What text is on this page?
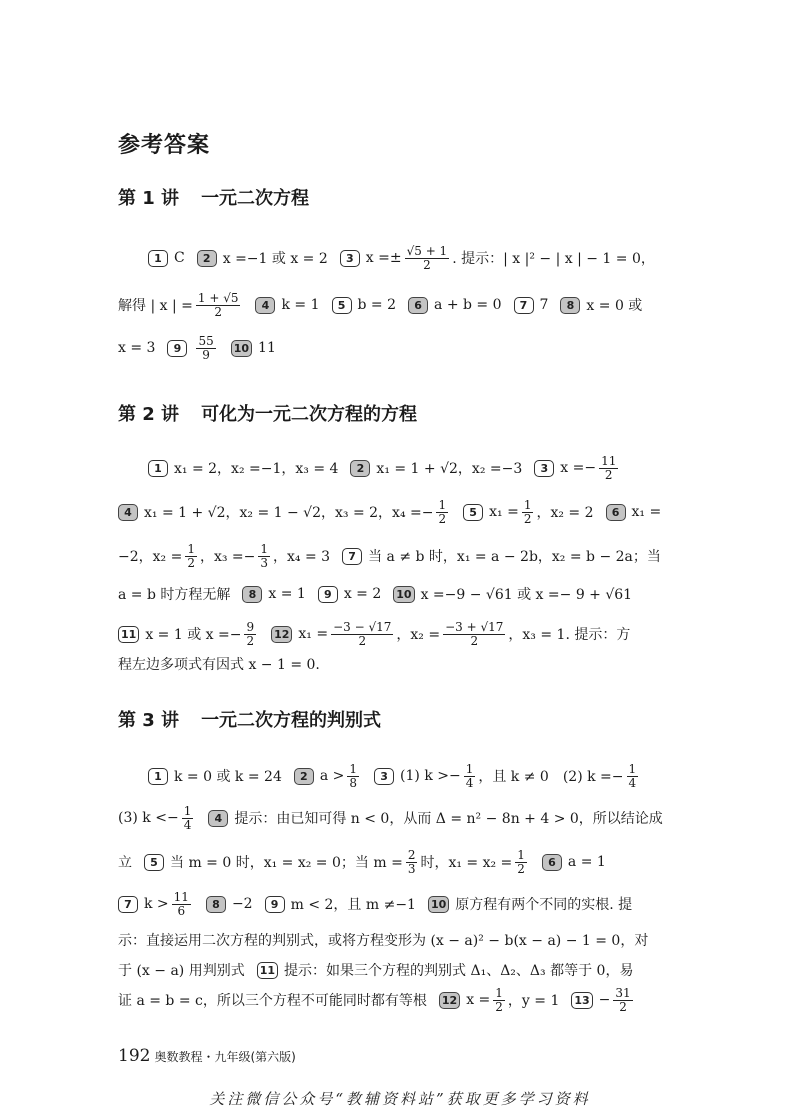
参考答案
第 1 讲 一元二次方程
1 C	2 x =−1 或 x = 2	3 $x =\pm \frac{√5 + 1}{2}$ . 提示：| x |² − | x | − 1 = 0，
解得 | x | = $\frac{1 + √5}{2}$	4 k = 1	5 b = 2	6 a + b = 0	7 7	8 x = 0 或
x = 3	9	$\frac{55}{9} 10$ 11
第 2 讲 可化为一元二次方程的方程
1 x₁ = 2，x₂ =−1，x₃ = 4	2 x₁ = 1 + √2，x₂ =−3	3 $x =- \frac{11}{2}$
4 x₁ = 1 + √2，x₂ = 1 − √2，x₃ = 2，$x_4 =- \frac{1}{2}$	5 $x_1 = \frac{1}{2}$ ，x₂ = 2	6 x₁ =
−2，$x_2 = \frac{1}{2}$ ，$x_3 =- \frac{1}{3}$ ，x₄ = 3	7 当 a ≠ b 时，x₁ = a − 2b，x₂ = b − 2a；当
a = b 时方程无解	8 x = 1	9 x = 2 10 x =−9 − √61 或 x =− 9 + √61
11 x = 1 或 $x =- \frac{9}{2} 12$ $x_1 = \frac{-3 - √17}{2}$ ，$x_2 = \frac{-3 + √17}{2}$ ，x₃ = 1. 提示：方
程左边多项式有因式 x − 1 = 0.
第 3 讲 一元二次方程的判别式
1 k = 0 或 k = 24	2 $a > \frac{1}{8}$	3 (1) $k >- \frac{1}{4}$ ，且 k ≠ 0　(2) $k =- \frac{1}{4}$
(3) $k <- \frac{1}{4}$	4 提示：由已知可得 n < 0，从而 Δ = n² − 8n + 4 > 0，所以结论成
立	5 当 m = 0 时，x₁ = x₂ = 0；当 $m = \frac{2}{3}$ 时，$x_1 = x_2 = \frac{1}{2}$	6 a = 1
7 $k > \frac{11}{6}$	8 −2	9 m < 2，且 m ≠−1 10 原方程有两个不同的实根. 提
示：直接运用二次方程的判别式，或将方程变形为 (x − a)² − b(x − a) − 1 = 0，对
于 (x − a) 用判别式 11 提示：如果三个方程的判别式 Δ₁、Δ₂、Δ₃ 都等于 0，易
证 a = b = c，所以三个方程不可能同时都有等根 12 $x = \frac{1}{2}$ ，y = 1 $13 - \frac{31}{2}$
192 奥数教程・九年级(第六版)
关注微信公众号“教辅资料站”获取更多学习资料
